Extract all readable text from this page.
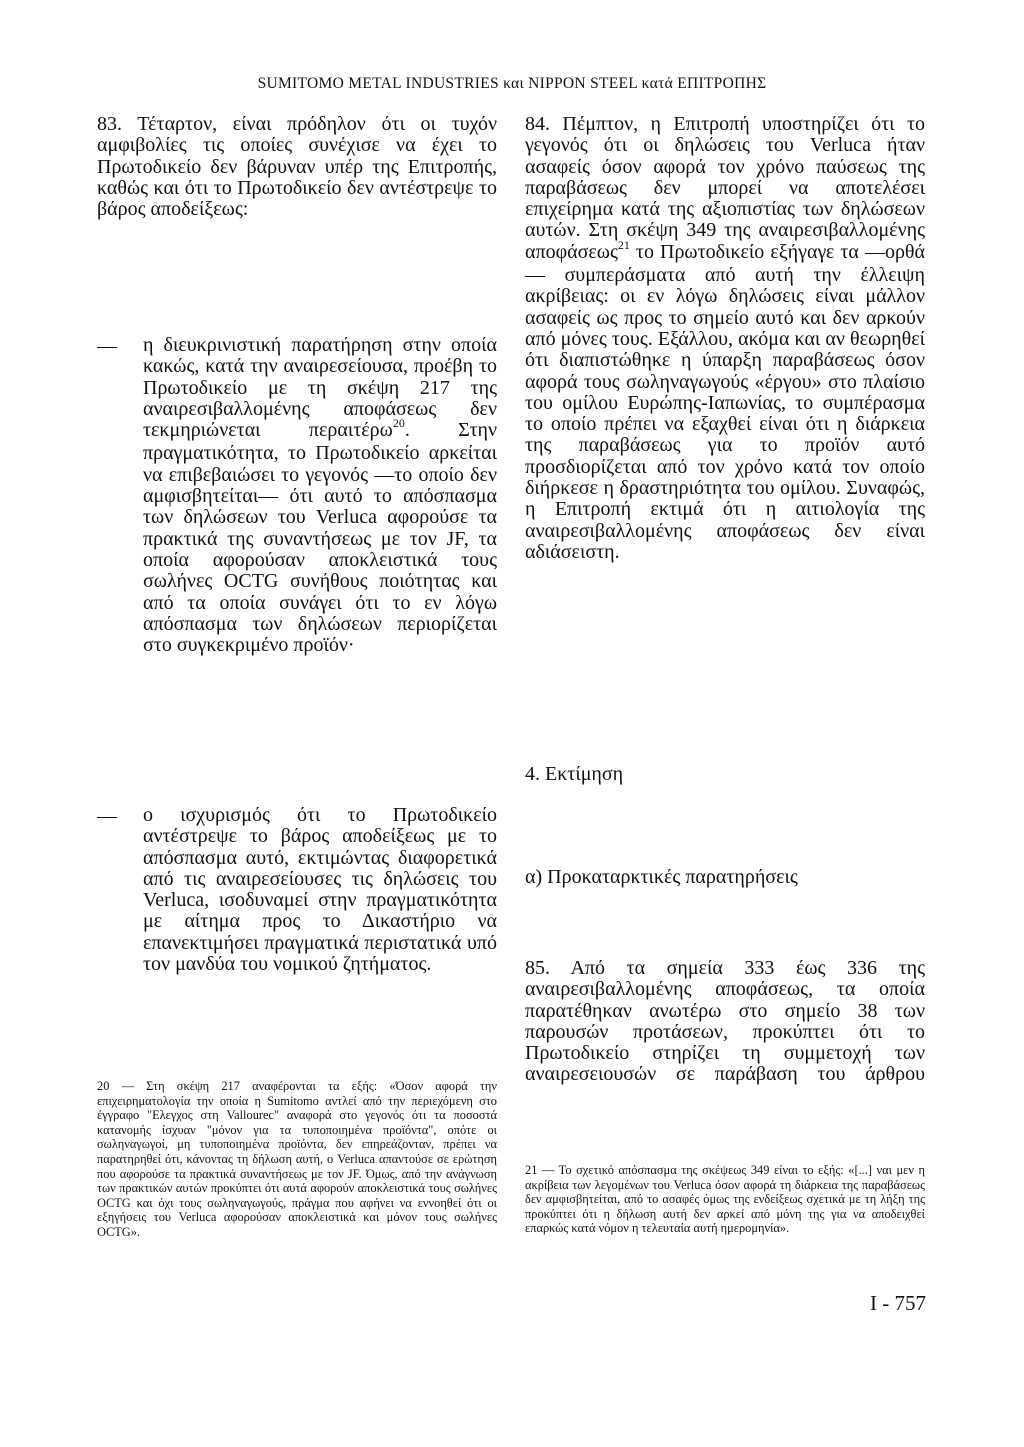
SUMITOMO METAL INDUSTRIES και NIPPON STEEL κατά ΕΠΙΤΡΟΠΗΣ

83. Τέταρτον, είναι πρόδηλον ότι οι τυχόν αμφιβολίες τις οποίες συνέχισε να έχει το Πρωτοδικείο δεν βάρυναν υπέρ της Επιτροπής, καθώς και ότι το Πρωτοδικείο δεν αντέστρεψε το βάρος αποδείξεως:

— η διευκρινιστική παρατήρηση στην οποία κακώς, κατά την αναιρεσείουσα, προέβη το Πρωτοδικείο με τη σκέψη 217 της αναιρεσιβαλλομένης αποφάσεως δεν τεκμηριώνεται περαιτέρω$^{20}$. Στην πραγματικότητα, το Πρωτοδικείο αρκείται να επιβεβαιώσει το γεγονός —το οποίο δεν αμφισβητείται— ότι αυτό το απόσπασμα των δηλώσεων του Verluca αφορούσε τα πρακτικά της συναντήσεως με τον JF, τα οποία αφορούσαν αποκλειστικά τους σωλήνες OCTG συνήθους ποιότητας και από τα οποία συνάγει ότι το εν λόγω απόσπασμα των δηλώσεων περιορίζεται στο συγκεκριμένο προϊόν·

— ο ισχυρισμός ότι το Πρωτοδικείο αντέστρεψε το βάρος αποδείξεως με το απόσπασμα αυτό, εκτιμώντας διαφορετικά από τις αναιρεσείουσες τις δηλώσεις του Verluca, ισοδυναμεί στην πραγματικότητα με αίτημα προς το Δικαστήριο να επανεκτιμήσει πραγματικά περιστατικά υπό τον μανδύα του νομικού ζητήματος.

20 — Στη σκέψη 217 αναφέρονται τα εξής: «Όσον αφορά την επιχειρηματολογία την οποία η Sumitomo αντλεί από την περιεχόμενη στο έγγραφο "Ελεγχος στη Vallourec" αναφορά στο γεγονός ότι τα ποσοστά κατανομής ίσχυαν "μόνον για τα τυποποιημένα προϊόντα", οπότε οι σωληναγωγοί, μη τυποποιημένα προϊόντα, δεν επηρεάζονταν, πρέπει να παρατηρηθεί ότι, κάνοντας τη δήλωση αυτή, ο Verluca απαντούσε σε ερώτηση που αφορούσε τα πρακτικά συναντήσεως με τον JF. Όμως, από την ανάγνωση των πρακτικών αυτών προκύπτει ότι αυτά αφορούν αποκλειστικά τους σωλήνες OCTG και όχι τους σωληναγωγούς, πράγμα που αφήνει να εννοηθεί ότι οι εξηγήσεις του Verluca αφορούσαν αποκλειστικά και μόνον τους σωλήνες OCTG».

84. Πέμπτον, η Επιτροπή υποστηρίζει ότι το γεγονός ότι οι δηλώσεις του Verluca ήταν ασαφείς όσον αφορά τον χρόνο παύσεως της παραβάσεως δεν μπορεί να αποτελέσει επιχείρημα κατά της αξιοπιστίας των δηλώσεων αυτών. Στη σκέψη 349 της αναιρεσιβαλλομένης αποφάσεως$^{21}$ το Πρωτοδικείο εξήγαγε τα —ορθά— συμπεράσματα από αυτή την έλλειψη ακρίβειας: οι εν λόγω δηλώσεις είναι μάλλον ασαφείς ως προς το σημείο αυτό και δεν αρκούν από μόνες τους. Εξάλλου, ακόμα και αν θεωρηθεί ότι διαπιστώθηκε η ύπαρξη παραβάσεως όσον αφορά τους σωληναγωγούς «έργου» στο πλαίσιο του ομίλου Ευρώπης-Ιαπωνίας, το συμπέρασμα το οποίο πρέπει να εξαχθεί είναι ότι η διάρκεια της παραβάσεως για το προϊόν αυτό προσδιορίζεται από τον χρόνο κατά τον οποίο διήρκεσε η δραστηριότητα του ομίλου. Συναφώς, η Επιτροπή εκτιμά ότι η αιτιολογία της αναιρεσιβαλλομένης αποφάσεως δεν είναι αδιάσειστη.

4. Εκτίμηση
α) Προκαταρκτικές παρατηρήσεις

85. Από τα σημεία 333 έως 336 της αναιρεσιβαλλομένης αποφάσεως, τα οποία παρατέθηκαν ανωτέρω στο σημείο 38 των παρουσών προτάσεων, προκύπτει ότι το Πρωτοδικείο στηρίζει τη συμμετοχή των αναιρεσειουσών σε παράβαση του άρθρου

21 — Το σχετικό απόσπασμα της σκέψεως 349 είναι το εξής: «[...] ναι μεν η ακρίβεια των λεγομένων του Verluca όσον αφορά τη διάρκεια της παραβάσεως δεν αμφισβητείται, από το ασαφές όμως της ενδείξεως σχετικά με τη λήξη της προκύπτει ότι η δήλωση αυτή δεν αρκεί από μόνη της για να αποδειχθεί επαρκώς κατά νόμον η τελευταία αυτή ημερομηνία».

I - 757
